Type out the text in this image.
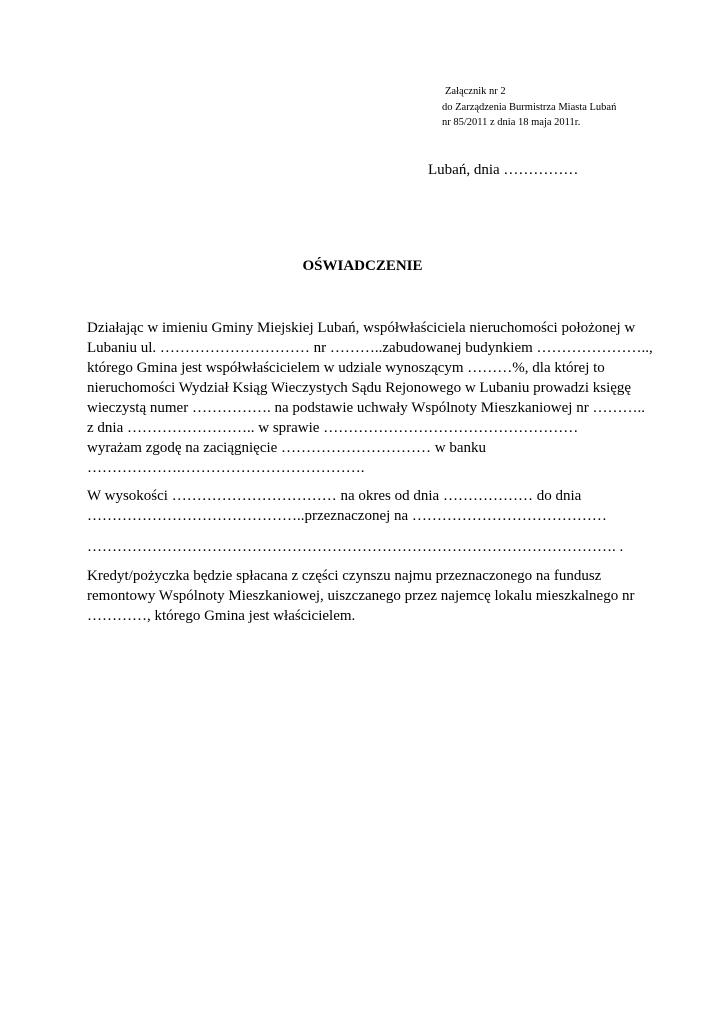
Załącznik nr 2
do Zarządzenia Burmistrza Miasta Lubań
nr 85/2011 z dnia 18 maja 2011r.
Lubań, dnia ……………
OŚWIADCZENIE
Działając w imieniu Gminy Miejskiej Lubań, współwłaściciela nieruchomości położonej w
Lubaniu ul. ………………………… nr ………..zabudowanej budynkiem …………………..,
którego Gmina jest współwłaścicielem w udziale wynoszącym ………%, dla której to
nieruchomości Wydział Ksiąg Wieczystych Sądu Rejonowego w Lubaniu prowadzi księgę
wieczystą numer ……………. na podstawie uchwały Wspólnoty Mieszkaniowej nr ………..
z dnia …………………….. w sprawie ……………………………………………
wyrażam zgodę na zaciągnięcie ………………………… w banku
……………….……………………………….
W wysokości …………………………… na okres od dnia ……………… do dnia
……………………………………..przeznaczonej na …………………………………
……………………………………………………………………………………………. .
Kredyt/pożyczka będzie spłacana z części czynszu najmu przeznaczonego na fundusz
remontowy Wspólnoty Mieszkaniowej, uiszczanego przez najemcę lokalu mieszkalnego nr
…………, którego Gmina jest właścicielem.
